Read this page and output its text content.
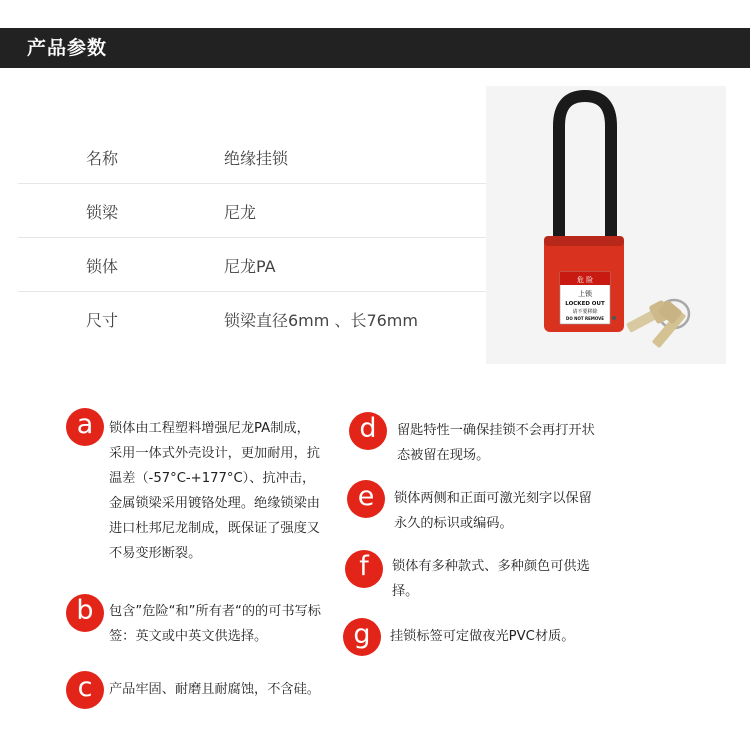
产品参数
名称	绝缘挂锁
锁梁	尼龙
锁体	尼龙PA
尺寸	锁梁直径6mm 、长76mm
危 险
上锁
LOCKED OUT
请不要移除
DO NOT REMOVE
a	锁体由工程塑料增强尼龙PA制成，采用一体式外壳设计，更加耐用，抗温差（-57°C-+177°C）、抗冲击，金属锁梁采用镀铬处理。绝缘锁梁由进口杜邦尼龙制成，既保证了强度又不易变形断裂。
b	包含”危险“和”所有者“的的可书写标签：英文或中英文供选择。
c	产品牢固、耐磨且耐腐蚀，不含硅。
d	留匙特性一确保挂锁不会再打开状态被留在现场。
e	锁体两侧和正面可激光刻字以保留永久的标识或编码。
f	锁体有多种款式、多种颜色可供选择。
g	挂锁标签可定做夜光PVC材质。
